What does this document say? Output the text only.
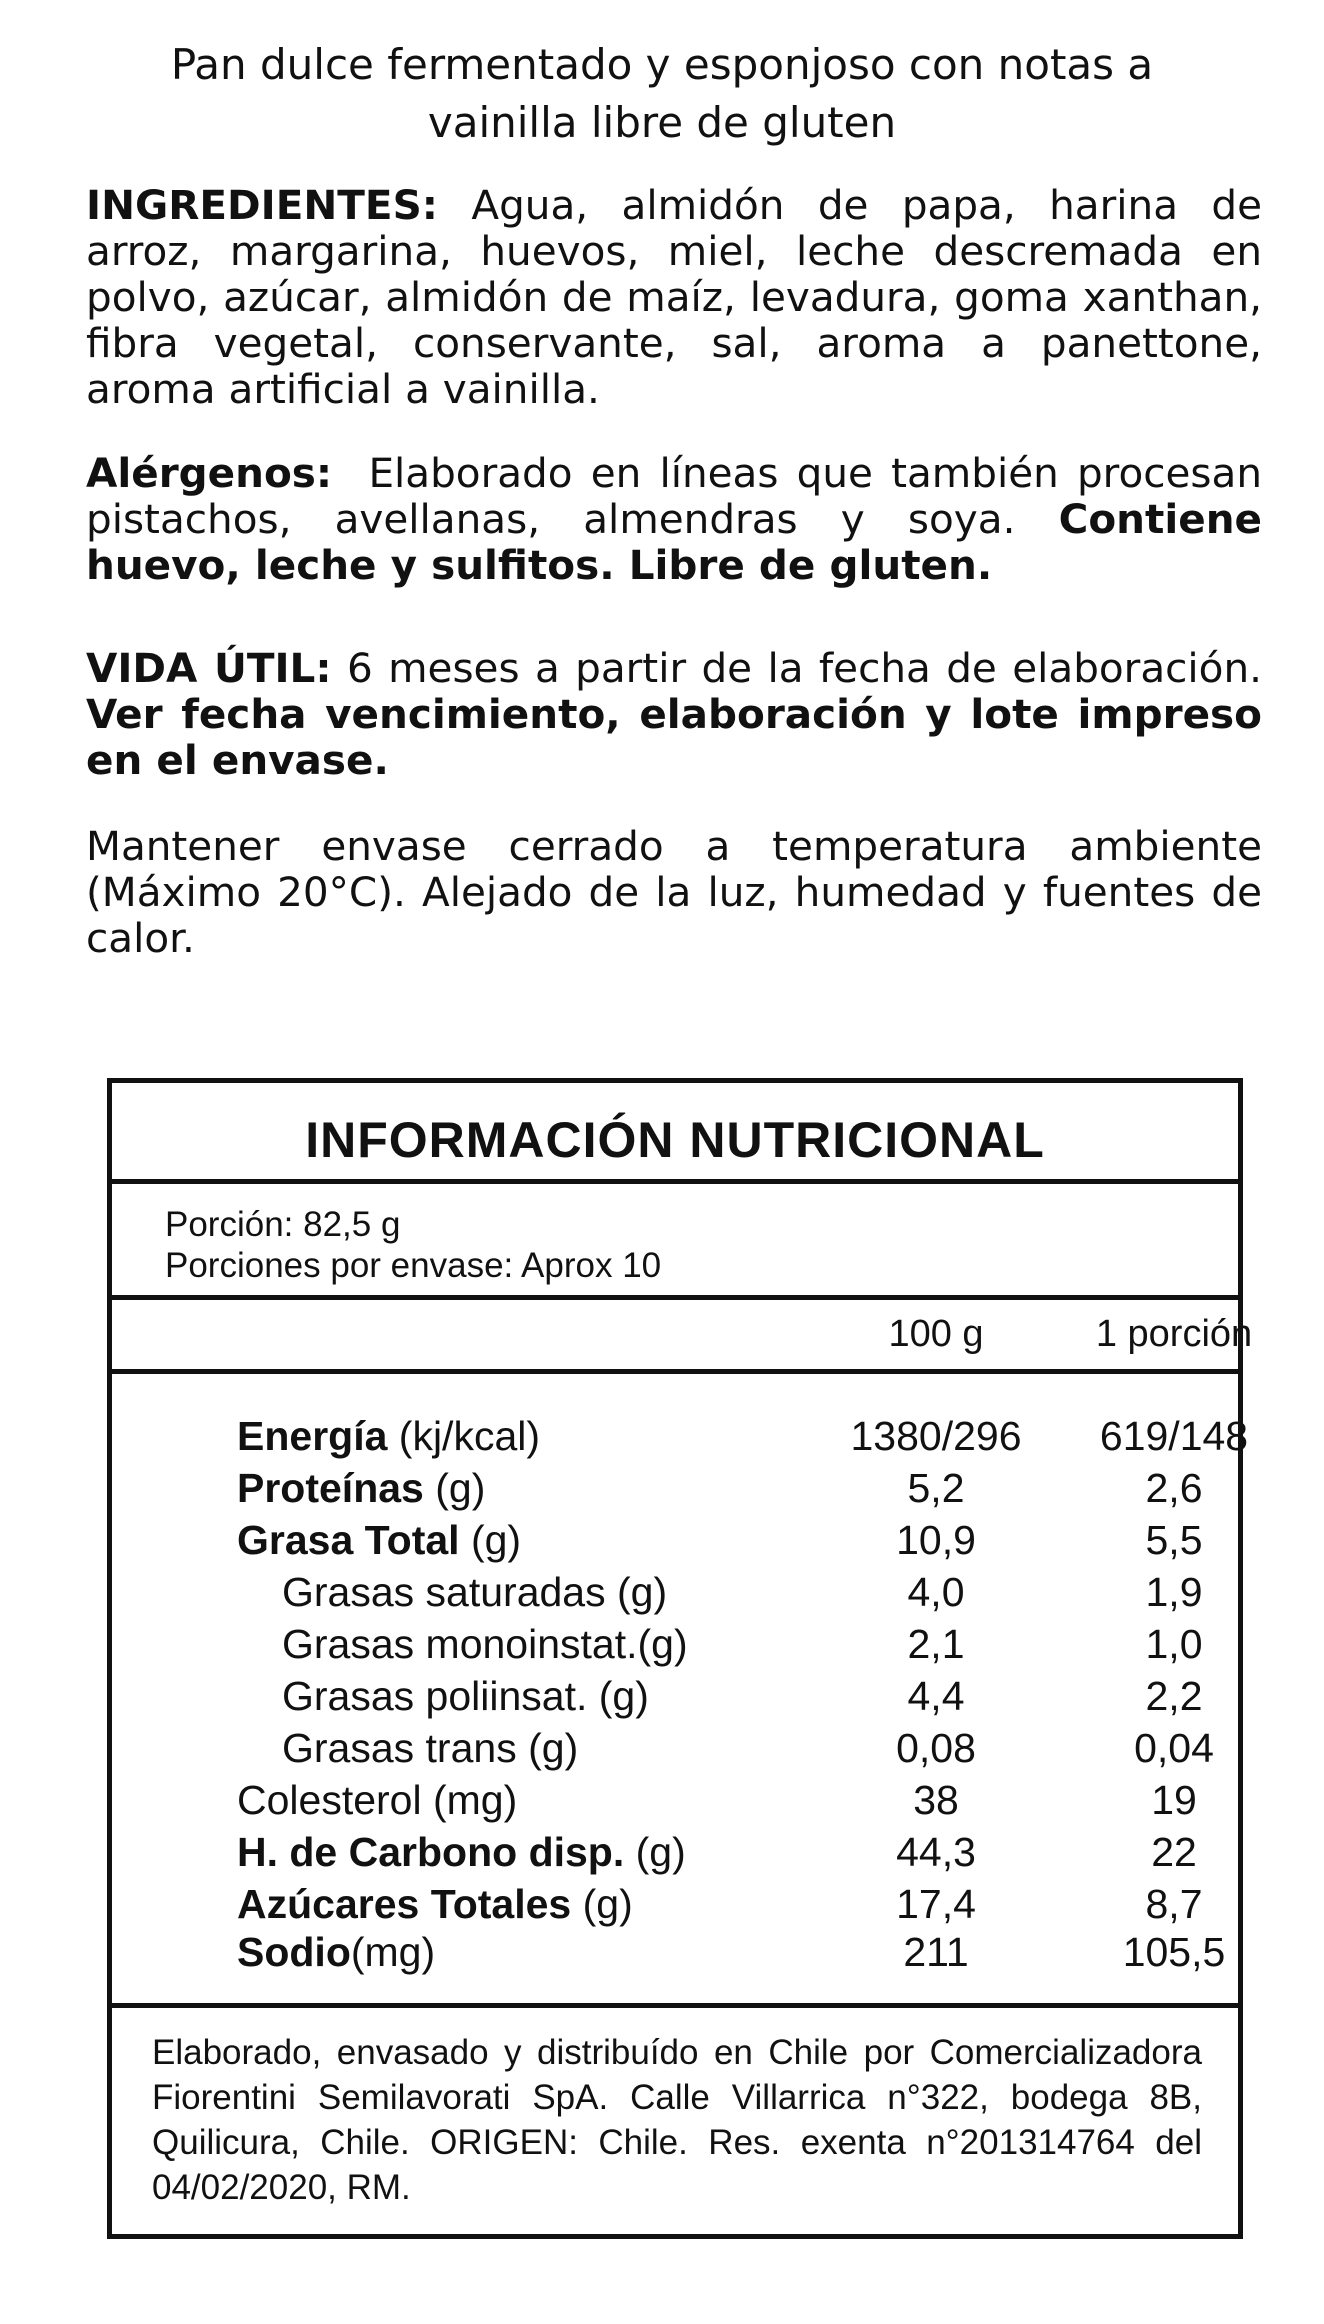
Pan dulce fermentado y esponjoso con notas a
vainilla libre de gluten
INGREDIENTES: Agua, almidón de papa, harina de arroz, margarina, huevos, miel, leche descremada en polvo, azúcar, almidón de maíz, levadura, goma xanthan, fibra vegetal, conservante, sal, aroma a panettone, aroma artificial a vainilla.
Alérgenos: Elaborado en líneas que también procesan pistachos, avellanas, almendras y soya. Contiene huevo, leche y sulfitos. Libre de gluten.
VIDA ÚTIL: 6 meses a partir de la fecha de elaboración. Ver fecha vencimiento, elaboración y lote impreso en el envase.
Mantener envase cerrado a temperatura ambiente (Máximo 20°C). Alejado de la luz, humedad y fuentes de calor.
INFORMACIÓN NUTRICIONAL
Porción: 82,5 g
Porciones por envase: Aprox 10
100 g	1 porción
Energía (kj/kcal)	1380/296	619/148
Proteínas (g)	5,2	2,6
Grasa Total (g)	10,9	5,5
Grasas saturadas (g)	4,0	1,9
Grasas monoinstat.(g)	2,1	1,0
Grasas poliinsat. (g)	4,4	2,2
Grasas trans (g)	0,08	0,04
Colesterol (mg)	38	19
H. de Carbono disp. (g)	44,3	22
Azúcares Totales (g)	17,4	8,7
Sodio(mg)	211	105,5
Elaborado, envasado y distribuído en Chile por Comercializadora Fiorentini Semilavorati SpA. Calle Villarrica n°322, bodega 8B, Quilicura, Chile. ORIGEN: Chile. Res. exenta n°201314764 del 04/02/2020, RM.
